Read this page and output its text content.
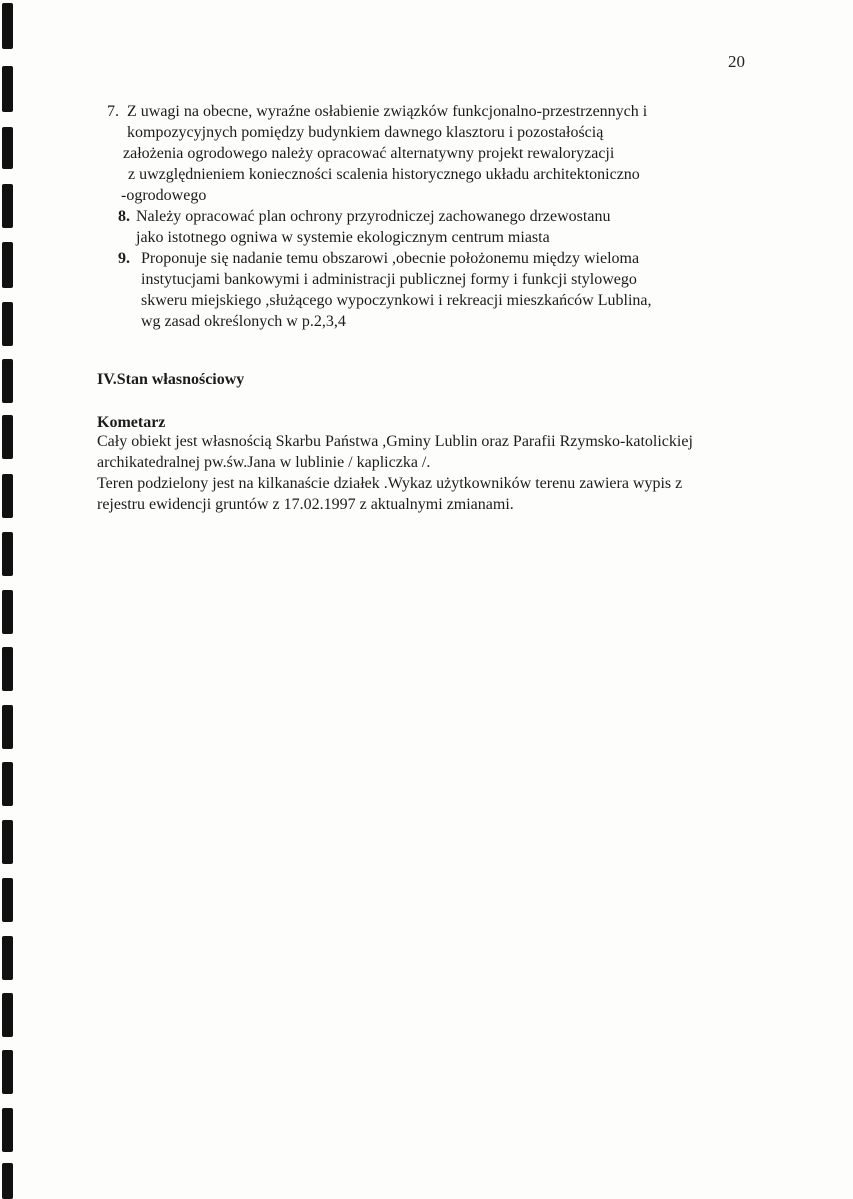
20
7. Z uwagi na obecne, wyraźne osłabienie związków funkcjonalno-przestrzennych i
kompozycyjnych pomiędzy budynkiem dawnego klasztoru i pozostałością
założenia ogrodowego należy opracować alternatywny projekt rewaloryzacji
z uwzględnieniem konieczności scalenia historycznego układu architektoniczno
-ogrodowego
8. Należy opracować plan ochrony przyrodniczej zachowanego drzewostanu
jako istotnego ogniwa w systemie ekologicznym centrum miasta
9. Proponuje się nadanie temu obszarowi ,obecnie położonemu między wieloma
instytucjami bankowymi i administracji publicznej formy i funkcji stylowego
skweru miejskiego ,służącego wypoczynkowi i rekreacji mieszkańców Lublina,
wg zasad określonych w p.2,3,4
IV.Stan własnościowy
Kometarz
Cały obiekt jest własnością Skarbu Państwa ,Gminy Lublin oraz Parafii Rzymsko-katolickiej
archikatedralnej pw.św.Jana w lublinie / kapliczka /.
Teren podzielony jest na kilkanaście działek .Wykaz użytkowników terenu zawiera wypis z
rejestru ewidencji gruntów z 17.02.1997 z aktualnymi zmianami.
